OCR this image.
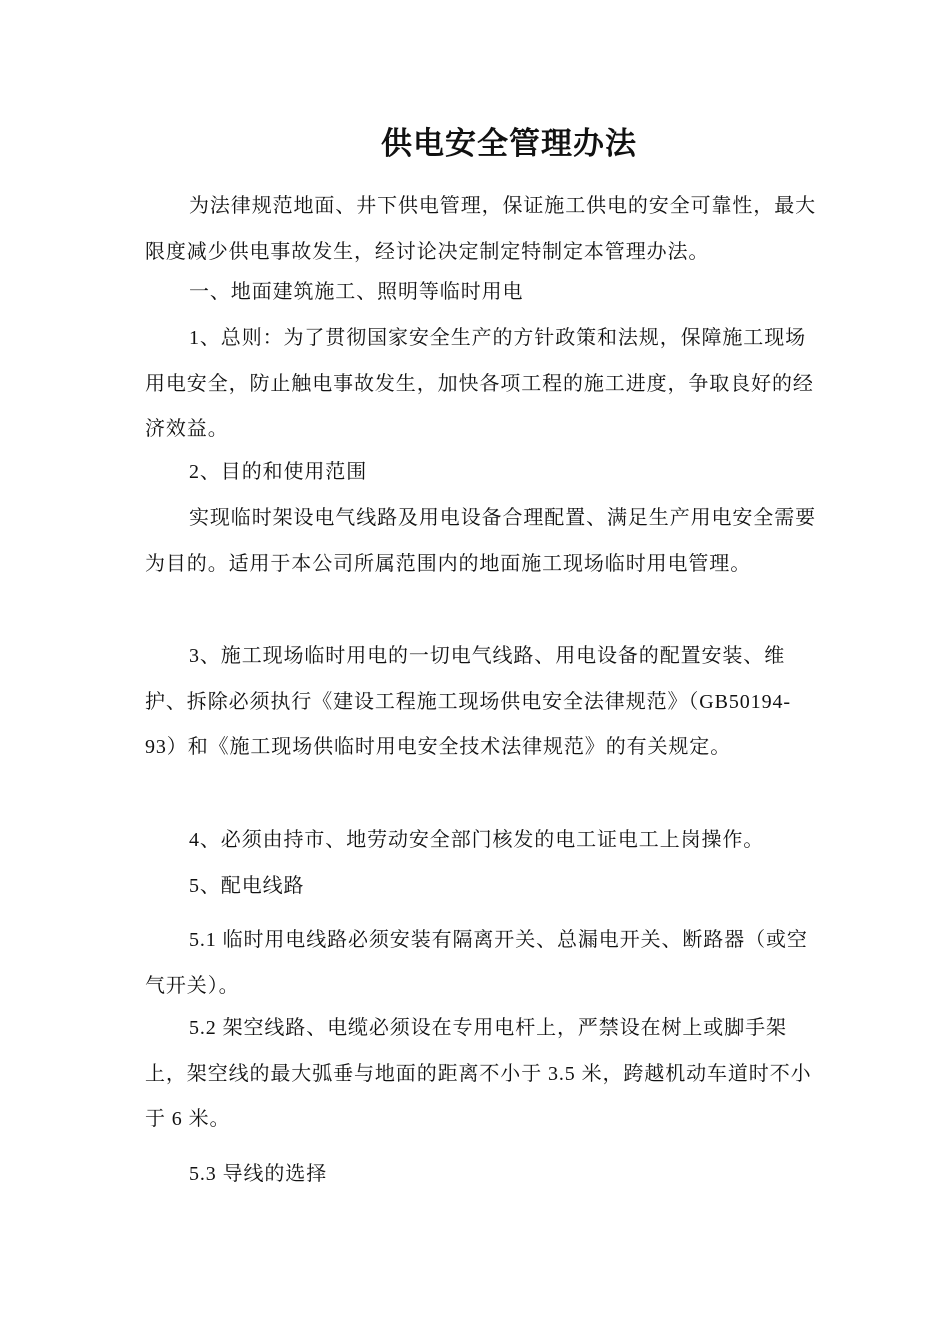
供电安全管理办法

为法律规范地面、井下供电管理，保证施工供电的安全可靠性，最大限度减少供电事故发生，经讨论决定制定特制定本管理办法。

一、地面建筑施工、照明等临时用电

1、总则：为了贯彻国家安全生产的方针政策和法规，保障施工现场用电安全，防止触电事故发生，加快各项工程的施工进度，争取良好的经济效益。

2、目的和使用范围

实现临时架设电气线路及用电设备合理配置、满足生产用电安全需要为目的。适用于本公司所属范围内的地面施工现场临时用电管理。

3、施工现场临时用电的一切电气线路、用电设备的配置安装、维护、拆除必须执行《建设工程施工现场供电安全法律规范》（GB50194-93）和《施工现场供临时用电安全技术法律规范》的有关规定。

4、必须由持市、地劳动安全部门核发的电工证电工上岗操作。

5、配电线路

5.1 临时用电线路必须安装有隔离开关、总漏电开关、断路器（或空气开关）。

5.2 架空线路、电缆必须设在专用电杆上，严禁设在树上或脚手架上，架空线的最大弧垂与地面的距离不小于 3.5 米，跨越机动车道时不小于 6 米。

5.3 导线的选择
